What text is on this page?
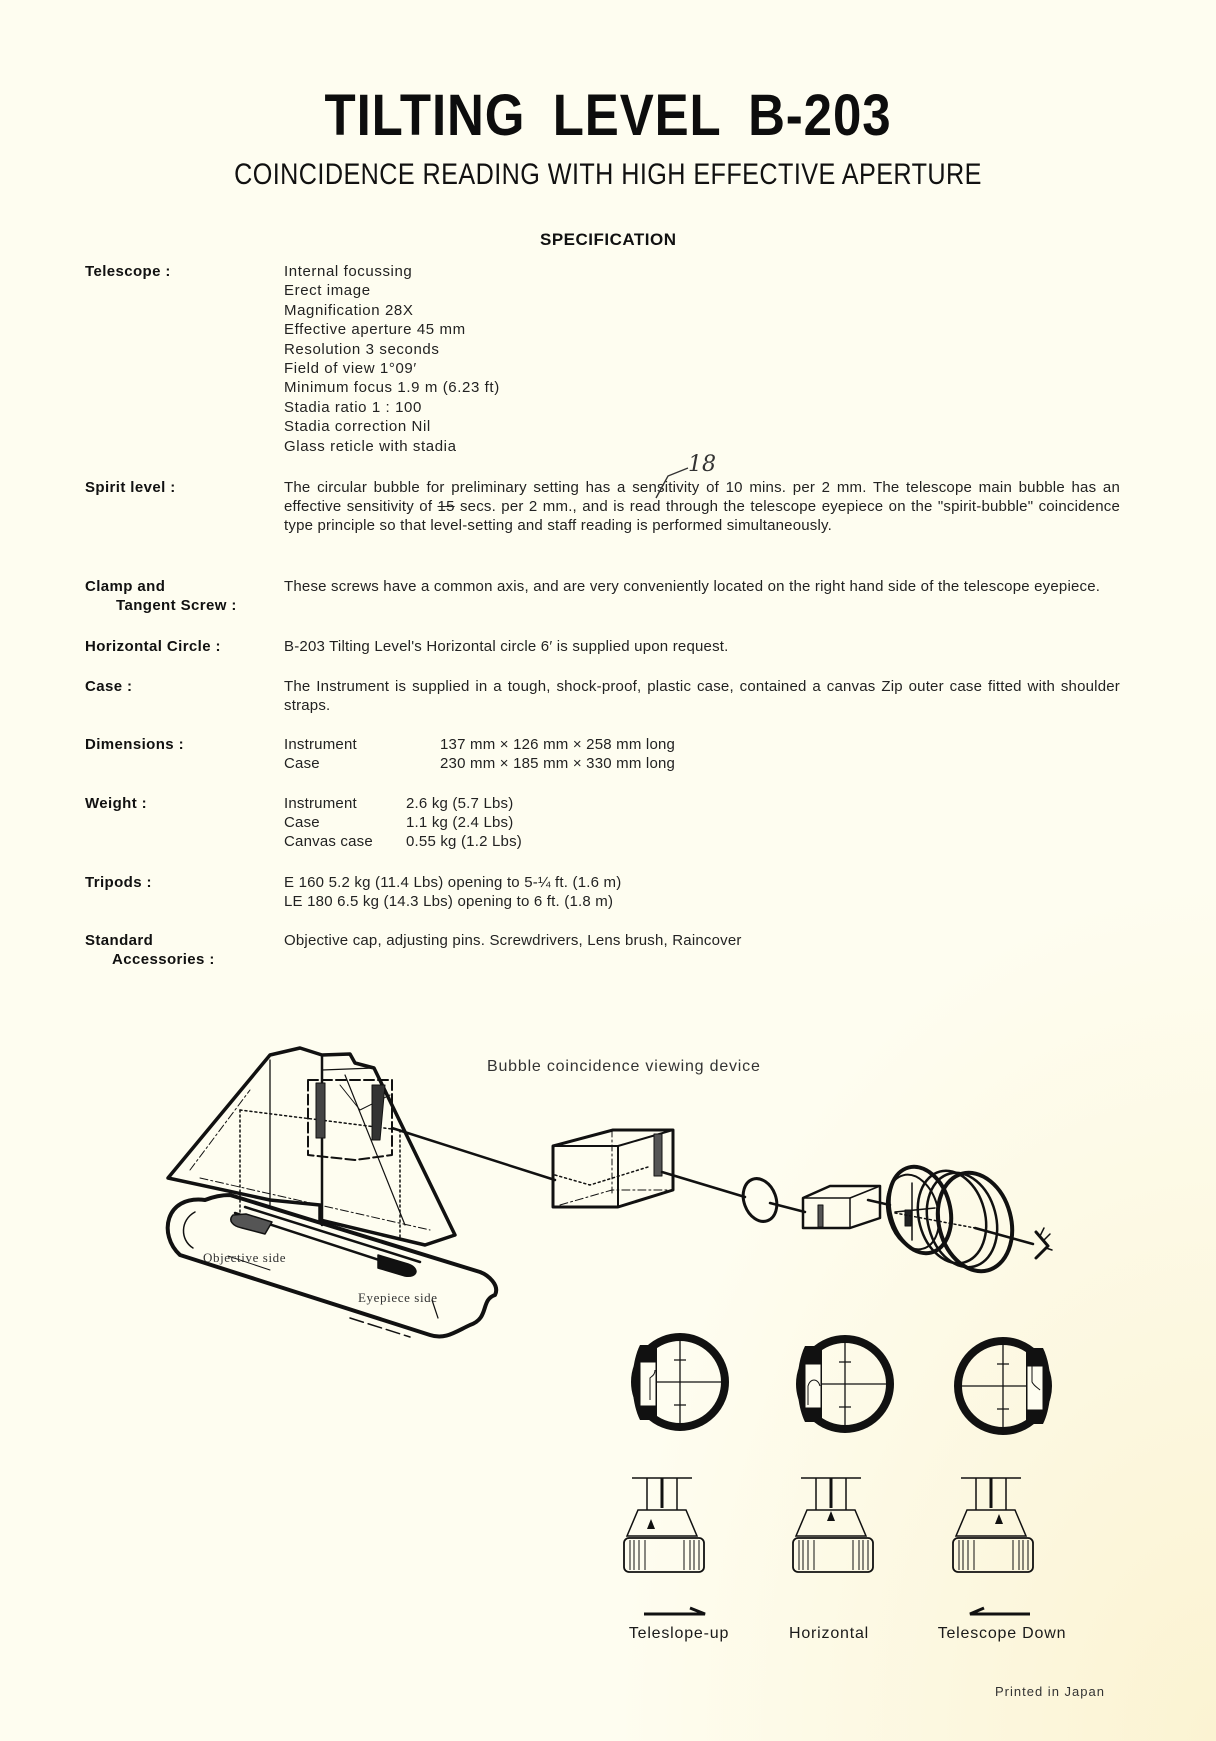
TILTING LEVEL B-203
COINCIDENCE READING WITH HIGH EFFECTIVE APERTURE
SPECIFICATION
Telescope :	Internal focussing
Erect image
Magnification 28X
Effective aperture 45 mm
Resolution 3 seconds
Field of view 1°09′
Minimum focus 1.9 m (6.23 ft)
Stadia ratio 1 : 100
Stadia correction Nil
Glass reticle with stadia
Spirit level :	The circular bubble for preliminary setting has a sensitivity of 10 mins. per 2 mm. The telescope main bubble has an effective sensitivity of 15 secs. per 2 mm., and is read through the telescope eyepiece on the "spirit-bubble" coincidence type principle so that level-setting and staff reading is performed simultaneously.
18
Clamp and
Tangent Screw :
These screws have a common axis, and are very conveniently located on the right hand side of the telescope eyepiece.
Horizontal Circle :	B-203 Tilting Level's Horizontal circle 6′ is supplied upon request.
Case :	The Instrument is supplied in a tough, shock-proof, plastic case, contained a canvas Zip outer case fitted with shoulder straps.
Dimensions :	Instrument	137 mm × 126 mm × 258 mm long
Case	230 mm × 185 mm × 330 mm long
Weight :	Instrument	2.6 kg (5.7 Lbs)
Case	1.1 kg (2.4 Lbs)
Canvas case	0.55 kg (1.2 Lbs)
Tripods :	E 160 5.2 kg (11.4 Lbs) opening to 5-¼ ft. (1.6 m)
LE 180 6.5 kg (14.3 Lbs) opening to 6 ft. (1.8 m)
Standard
Accessories :
Objective cap, adjusting pins. Screwdrivers, Lens brush, Raincover
Bubble coincidence viewing device
Objective side
Eyepiece side
Teleslope-up	Horizontal	Telescope Down
Printed in Japan
